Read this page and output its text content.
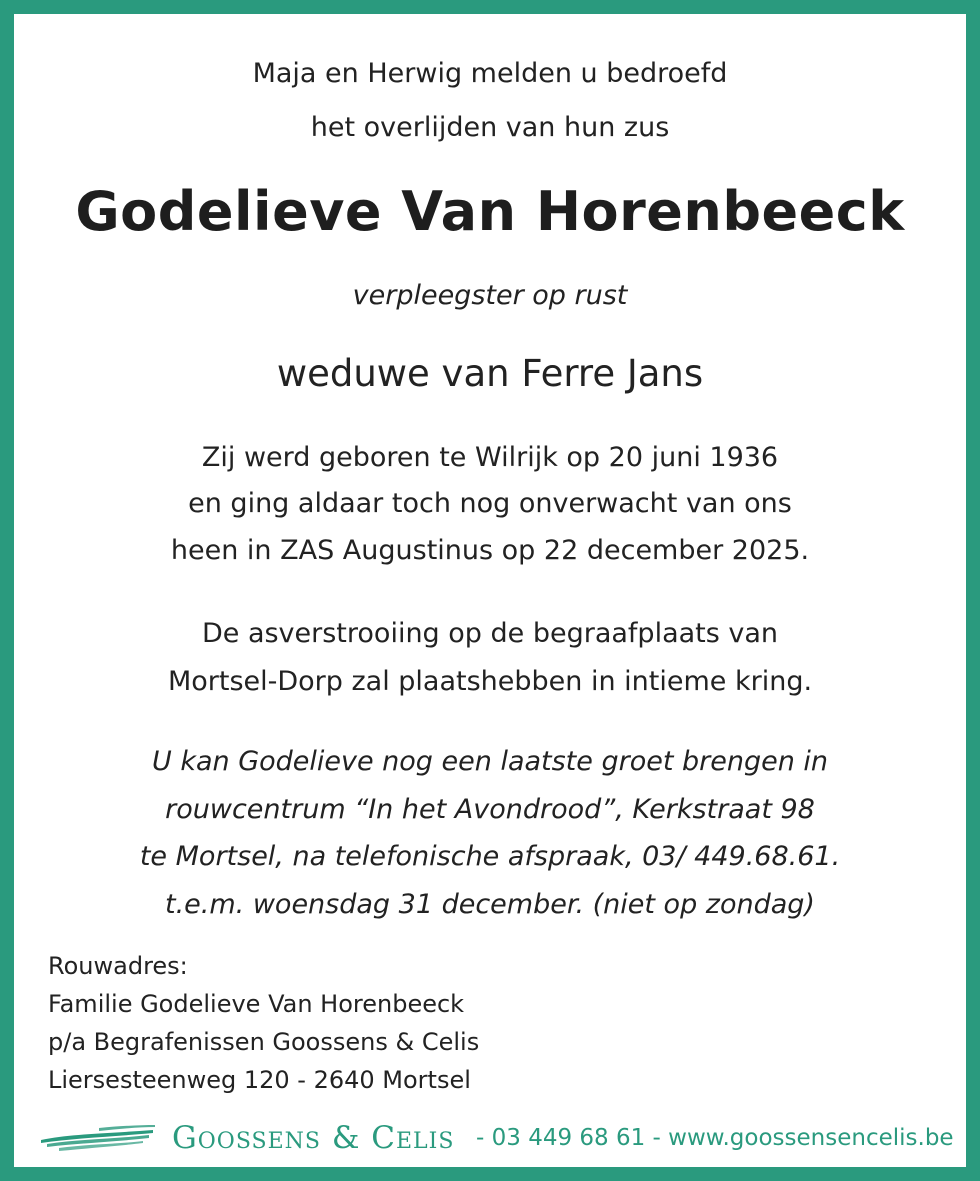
Maja en Herwig melden u bedroefd
het overlijden van hun zus
Godelieve Van Horenbeeck
verpleegster op rust
weduwe van Ferre Jans
Zij werd geboren te Wilrijk op 20 juni 1936
en ging aldaar toch nog onverwacht van ons
heen in ZAS Augustinus op 22 december 2025.
De asverstrooiing op de begraafplaats van
Mortsel-Dorp zal plaatshebben in intieme kring.
U kan Godelieve nog een laatste groet brengen in
rouwcentrum “In het Avondrood”, Kerkstraat 98
te Mortsel, na telefonische afspraak, 03/ 449.68.61.
t.e.m. woensdag 31 december. (niet op zondag)
Rouwadres:
Familie Godelieve Van Horenbeeck
p/a Begrafenissen Goossens & Celis
Liersesteenweg 120 - 2640 Mortsel
Goossens & Celis - 03 449 68 61 - www.goossensencelis.be
